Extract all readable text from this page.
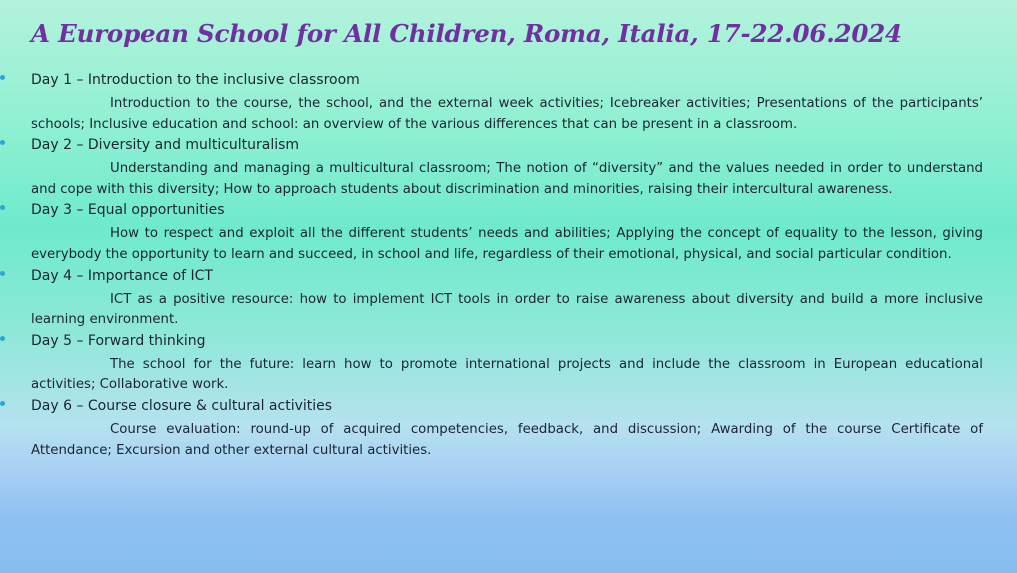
A European School for All Children, Roma, Italia, 17-22.06.2024
Day 1 – Introduction to the inclusive classroom

Introduction to the course, the school, and the external week activities; Icebreaker activities; Presentations of the participants’ schools; Inclusive education and school: an overview of the various differences that can be present in a classroom.

Day 2 – Diversity and multiculturalism

Understanding and managing a multicultural classroom; The notion of “diversity” and the values needed in order to understand and cope with this diversity; How to approach students about discrimination and minorities, raising their intercultural awareness.

Day 3 – Equal opportunities

How to respect and exploit all the different students’ needs and abilities; Applying the concept of equality to the lesson, giving everybody the opportunity to learn and succeed, in school and life, regardless of their emotional, physical, and social particular condition.

Day 4 – Importance of ICT

ICT as a positive resource: how to implement ICT tools in order to raise awareness about diversity and build a more inclusive learning environment.

Day 5 – Forward thinking

The school for the future: learn how to promote international projects and include the classroom in European educational activities; Collaborative work.

Day 6 – Course closure & cultural activities

Course evaluation: round-up of acquired competencies, feedback, and discussion; Awarding of the course Certificate of Attendance; Excursion and other external cultural activities.
